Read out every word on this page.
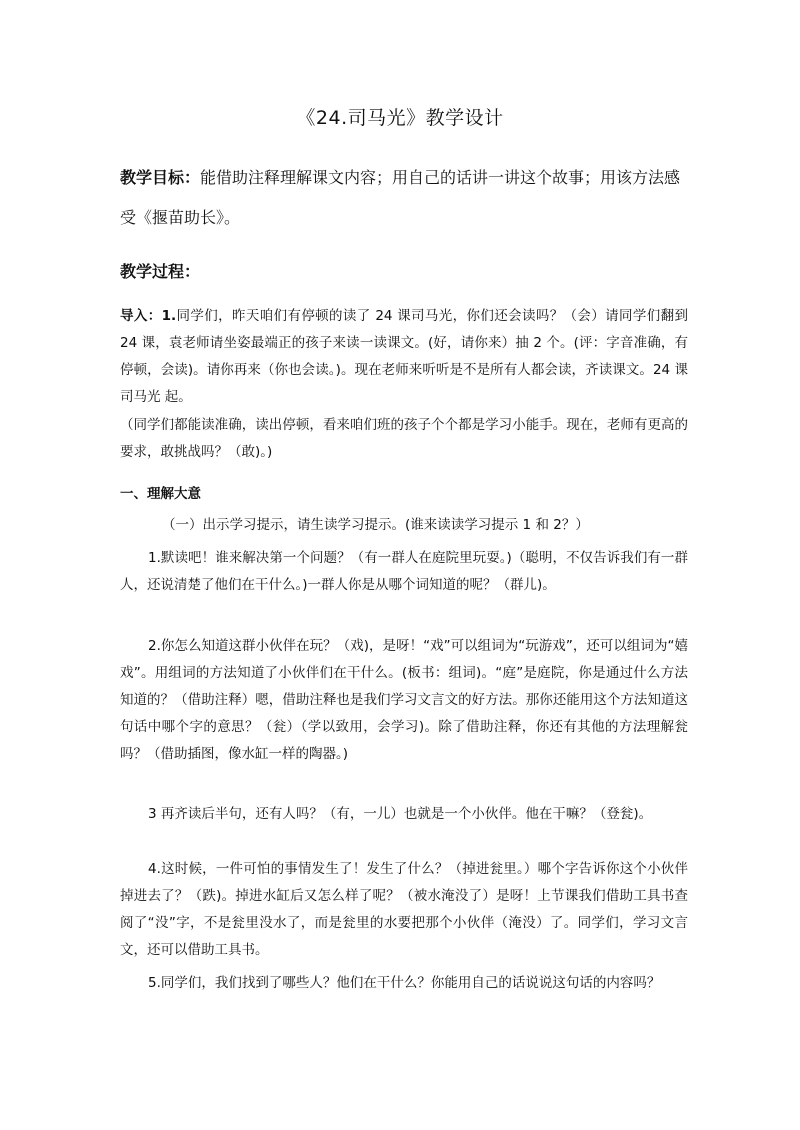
《24.司马光》教学设计
教学目标：能借助注释理解课文内容；用自己的话讲一讲这个故事；用该方法感受《揠苗助长》。
教学过程：

导入：1.同学们，昨天咱们有停顿的读了 24 课司马光，你们还会读吗？（会）请同学们翻到 24 课，袁老师请坐姿最端正的孩子来读一读课文。(好，请你来）抽 2 个。(评：字音准确，有停顿，会读)。请你再来（你也会读。)。现在老师来听听是不是所有人都会读，齐读课文。24 课司马光 起。

（同学们都能读准确，读出停顿，看来咱们班的孩子个个都是学习小能手。现在，老师有更高的要求，敢挑战吗？（敢)。)

一、理解大意

（一）出示学习提示，请生读学习提示。(谁来读读学习提示 1 和 2？）

1.默读吧！谁来解决第一个问题？（有一群人在庭院里玩耍。)（聪明，不仅告诉我们有一群人，还说清楚了他们在干什么。)一群人你是从哪个词知道的呢？（群儿)。

2.你怎么知道这群小伙伴在玩？（戏)，是呀！“戏”可以组词为“玩游戏”，还可以组词为“嬉戏”。用组词的方法知道了小伙伴们在干什么。(板书：组词)。“庭”是庭院，你是通过什么方法知道的？（借助注释）嗯，借助注释也是我们学习文言文的好方法。那你还能用这个方法知道这句话中哪个字的意思？（瓮）（学以致用，会学习)。除了借助注释，你还有其他的方法理解瓮吗？（借助插图，像水缸一样的陶器。)

3 再齐读后半句，还有人吗？（有，一儿）也就是一个小伙伴。他在干嘛？（登瓮)。

4.这时候，一件可怕的事情发生了！发生了什么？（掉进瓮里。）哪个字告诉你这个小伙伴掉进去了？（跌)。掉进水缸后又怎么样了呢？（被水淹没了）是呀！上节课我们借助工具书查阅了“没”字，不是瓮里没水了，而是瓮里的水要把那个小伙伴（淹没）了。同学们，学习文言文，还可以借助工具书。

5.同学们，我们找到了哪些人？他们在干什么？你能用自己的话说说这句话的内容吗？
